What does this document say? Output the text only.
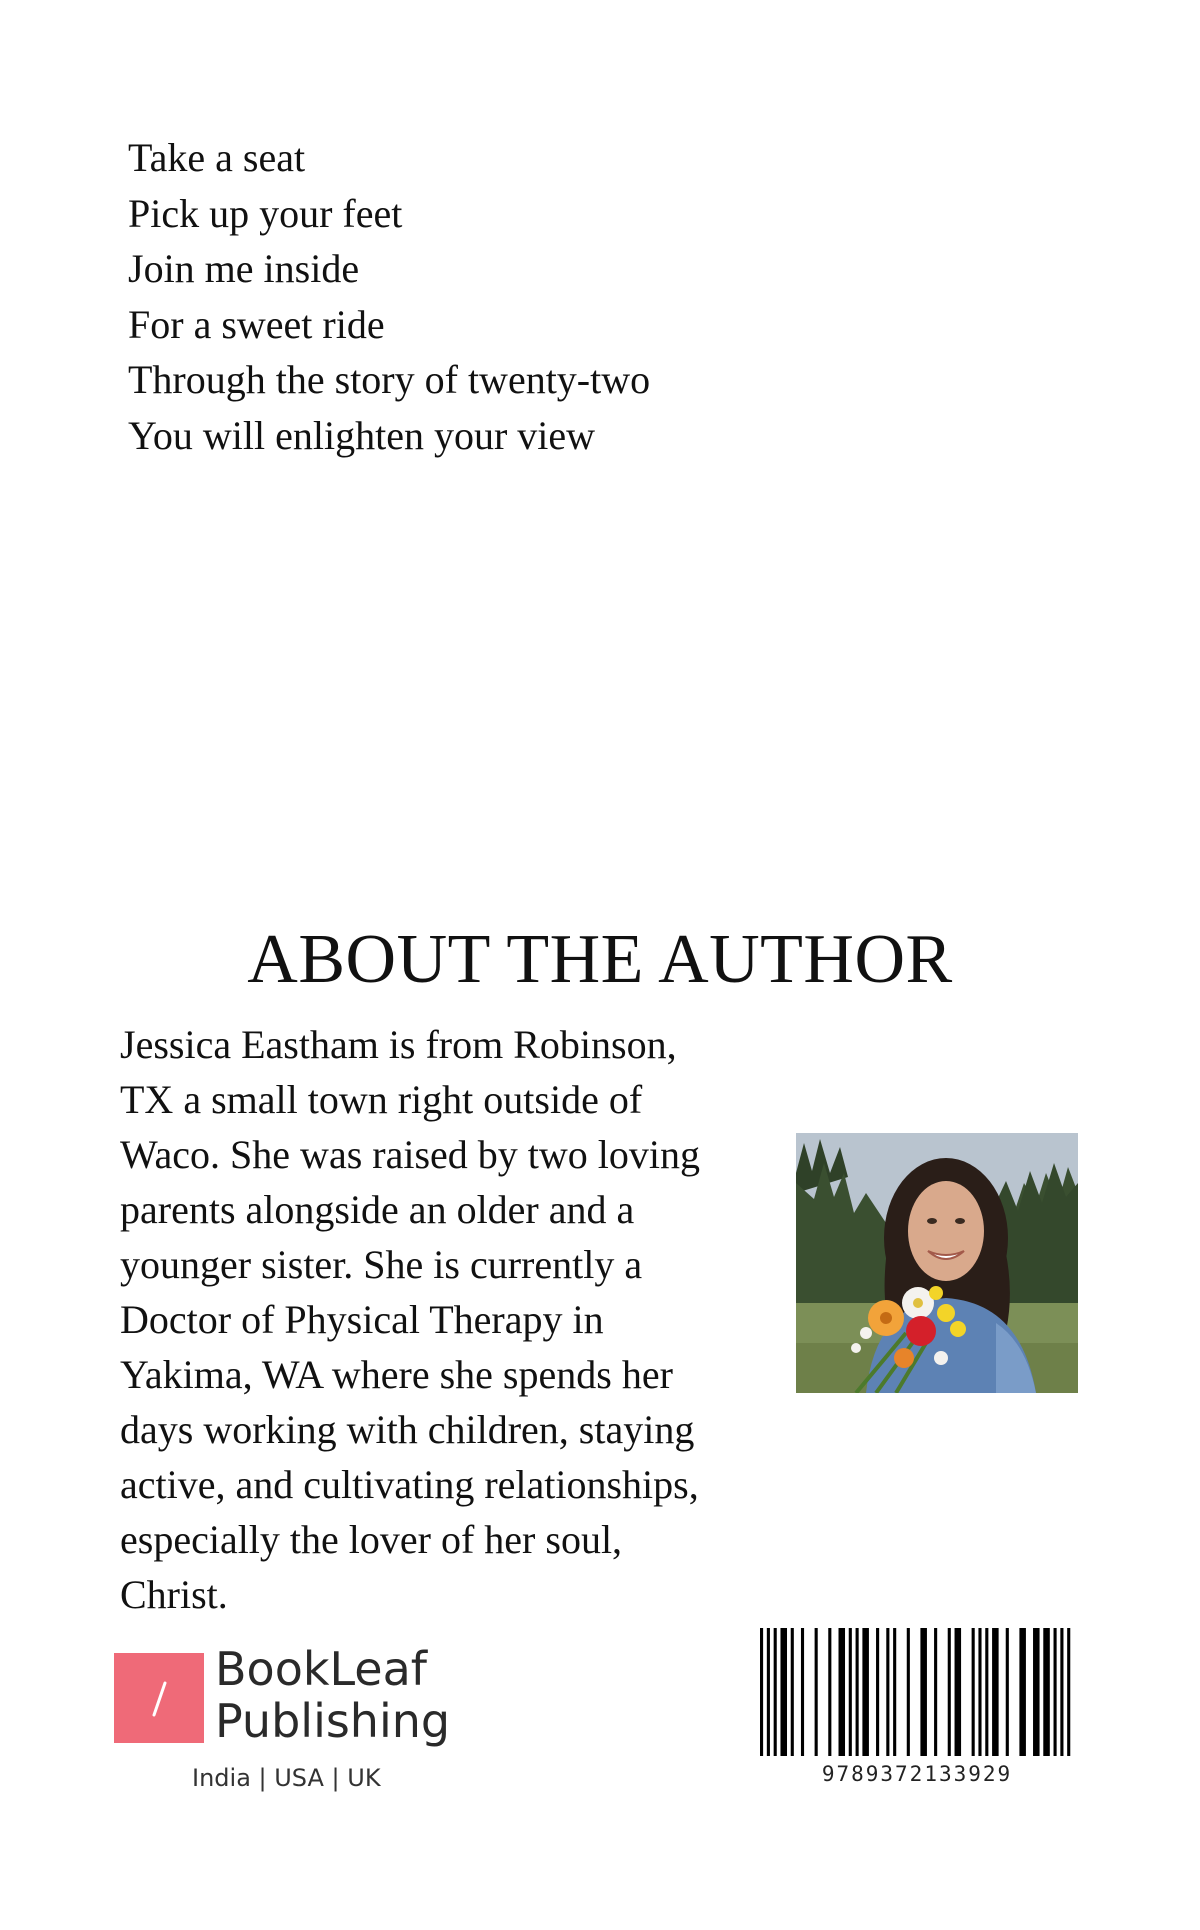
Take a seat
Pick up your feet
Join me inside
For a sweet ride
Through the story of twenty-two
You will enlighten your view
ABOUT THE AUTHOR
Jessica Eastham is from Robinson,
TX a small town right outside of
Waco. She was raised by two loving
parents alongside an older and a
younger sister. She is currently a
Doctor of Physical Therapy in
Yakima, WA where she spends her
days working with children, staying
active, and cultivating relationships,
especially the lover of her soul,
Christ.
BookLeaf
Publishing
India | USA | UK	9789372133929
